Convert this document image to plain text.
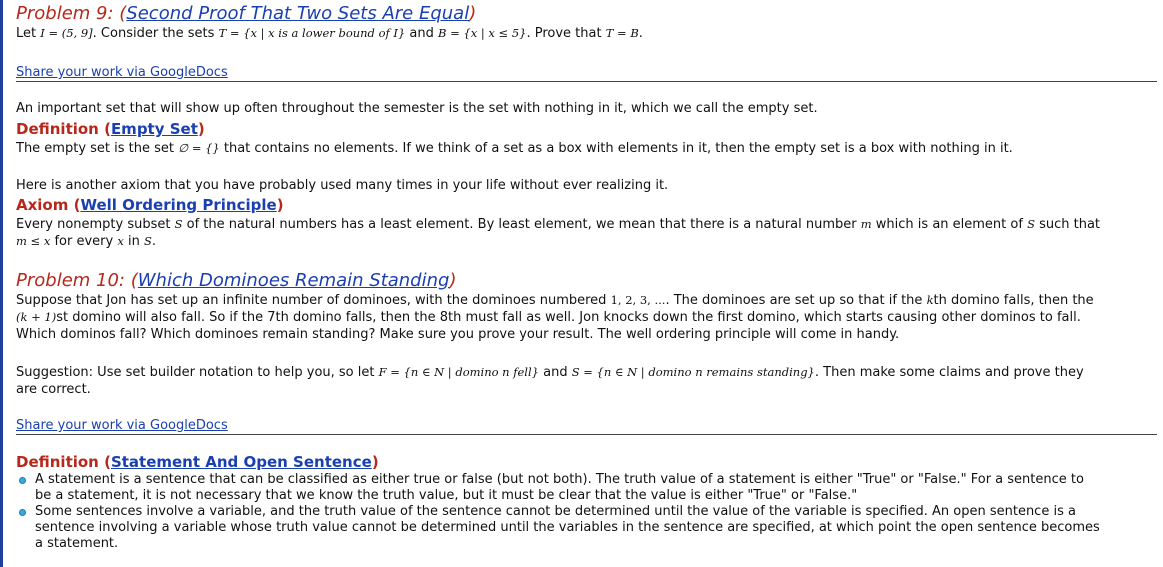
Problem 9: (Second Proof That Two Sets Are Equal)

Let I = (5, 9]. Consider the sets T = {x | x is a lower bound of I} and B = {x | x ≤ 5}. Prove that T = B.

Share your work via GoogleDocs

An important set that will show up often throughout the semester is the set with nothing in it, which we call the empty set.

Definition (Empty Set)

The empty set is the set ∅ = {} that contains no elements. If we think of a set as a box with elements in it, then the empty set is a box with nothing in it.

Here is another axiom that you have probably used many times in your life without ever realizing it.

Axiom (Well Ordering Principle)

Every nonempty subset S of the natural numbers has a least element. By least element, we mean that there is a natural number m which is an element of S such that

m ≤ x for every x in S.

Problem 10: (Which Dominoes Remain Standing)

Suppose that Jon has set up an infinite number of dominoes, with the dominoes numbered 1, 2, 3, .... The dominoes are set up so that if the kth domino falls, then the

(k + 1)st domino will also fall. So if the 7th domino falls, then the 8th must fall as well. Jon knocks down the first domino, which starts causing other dominos to fall.

Which dominos fall? Which dominoes remain standing? Make sure you prove your result. The well ordering principle will come in handy.

Suggestion: Use set builder notation to help you, so let F = {n ∈ N | domino n fell} and S = {n ∈ N | domino n remains standing}. Then make some claims and prove they

are correct.

Share your work via GoogleDocs

Definition (Statement And Open Sentence)

A statement is a sentence that can be classified as either true or false (but not both). The truth value of a statement is either "True" or "False." For a sentence to
be a statement, it is not necessary that we know the truth value, but it must be clear that the value is either "True" or "False."
Some sentences involve a variable, and the truth value of the sentence cannot be determined until the value of the variable is specified. An open sentence is a
sentence involving a variable whose truth value cannot be determined until the variables in the sentence are specified, at which point the open sentence becomes
a statement.
